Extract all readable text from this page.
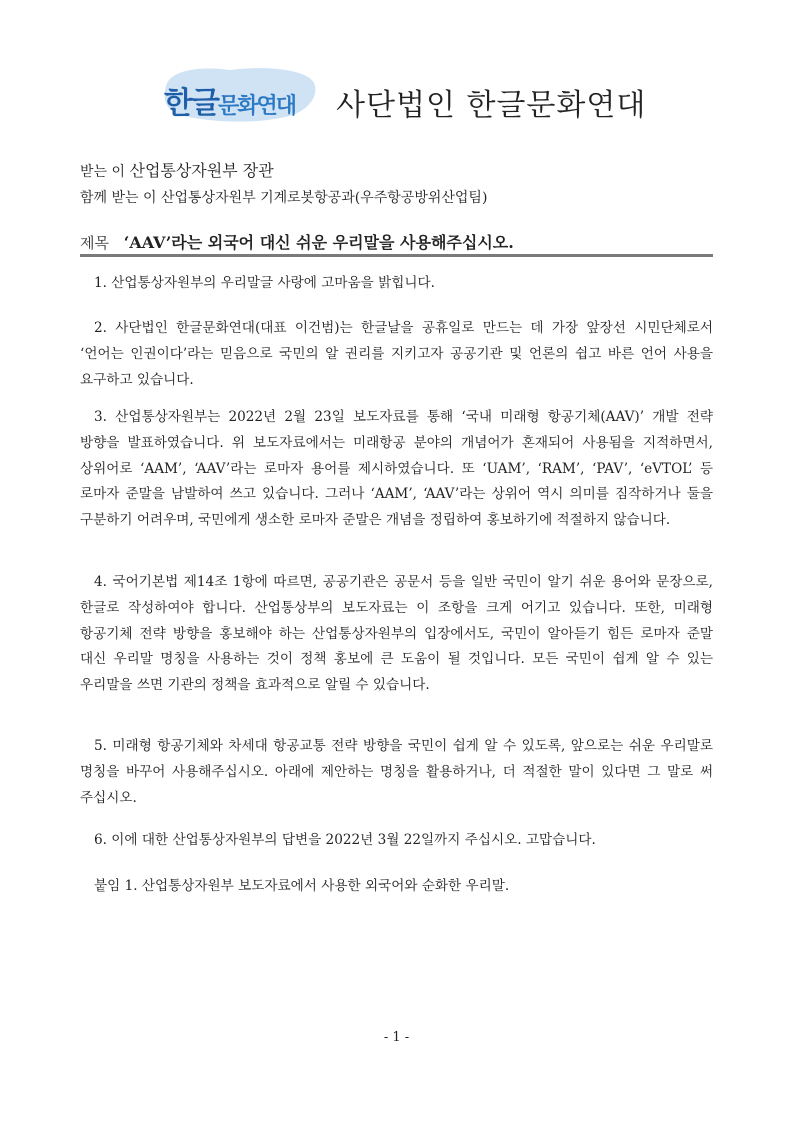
한글문화연대 사단법인 한글문화연대
받는 이 산업통상자원부 장관
함께 받는 이 산업통상자원부 기계로봇항공과(우주항공방위산업팀)
제목 ‘AAV’라는 외국어 대신 쉬운 우리말을 사용해주십시오.
1. 산업통상자원부의 우리말글 사랑에 고마움을 밝힙니다.
2. 사단법인 한글문화연대(대표 이건범)는 한글날을 공휴일로 만드는 데 가장 앞장선 시민단체로서 ‘언어는 인권이다’라는 믿음으로 국민의 알 권리를 지키고자 공공기관 및 언론의 쉽고 바른 언어 사용을 요구하고 있습니다.
3. 산업통상자원부는 2022년 2월 23일 보도자료를 통해 ‘국내 미래형 항공기체(AAV)’ 개발 전략 방향을 발표하였습니다. 위 보도자료에서는 미래항공 분야의 개념어가 혼재되어 사용됨을 지적하면서, 상위어로 ‘AAM’, ‘AAV’라는 로마자 용어를 제시하였습니다. 또 ‘UAM’, ‘RAM’, ‘PAV’, ‘eVTOL’ 등 로마자 준말을 남발하여 쓰고 있습니다. 그러나 ‘AAM’, ‘AAV’라는 상위어 역시 의미를 짐작하거나 둘을 구분하기 어려우며, 국민에게 생소한 로마자 준말은 개념을 정립하여 홍보하기에 적절하지 않습니다.
4. 국어기본법 제14조 1항에 따르면, 공공기관은 공문서 등을 일반 국민이 알기 쉬운 용어와 문장으로, 한글로 작성하여야 합니다. 산업통상부의 보도자료는 이 조항을 크게 어기고 있습니다. 또한, 미래형 항공기체 전략 방향을 홍보해야 하는 산업통상자원부의 입장에서도, 국민이 알아듣기 힘든 로마자 준말 대신 우리말 명칭을 사용하는 것이 정책 홍보에 큰 도움이 될 것입니다. 모든 국민이 쉽게 알 수 있는 우리말을 쓰면 기관의 정책을 효과적으로 알릴 수 있습니다.
5. 미래형 항공기체와 차세대 항공교통 전략 방향을 국민이 쉽게 알 수 있도록, 앞으로는 쉬운 우리말로 명칭을 바꾸어 사용해주십시오. 아래에 제안하는 명칭을 활용하거나, 더 적절한 말이 있다면 그 말로 써 주십시오.
6. 이에 대한 산업통상자원부의 답변을 2022년 3월 22일까지 주십시오. 고맙습니다.
붙임 1. 산업통상자원부 보도자료에서 사용한 외국어와 순화한 우리말.
- 1 -
